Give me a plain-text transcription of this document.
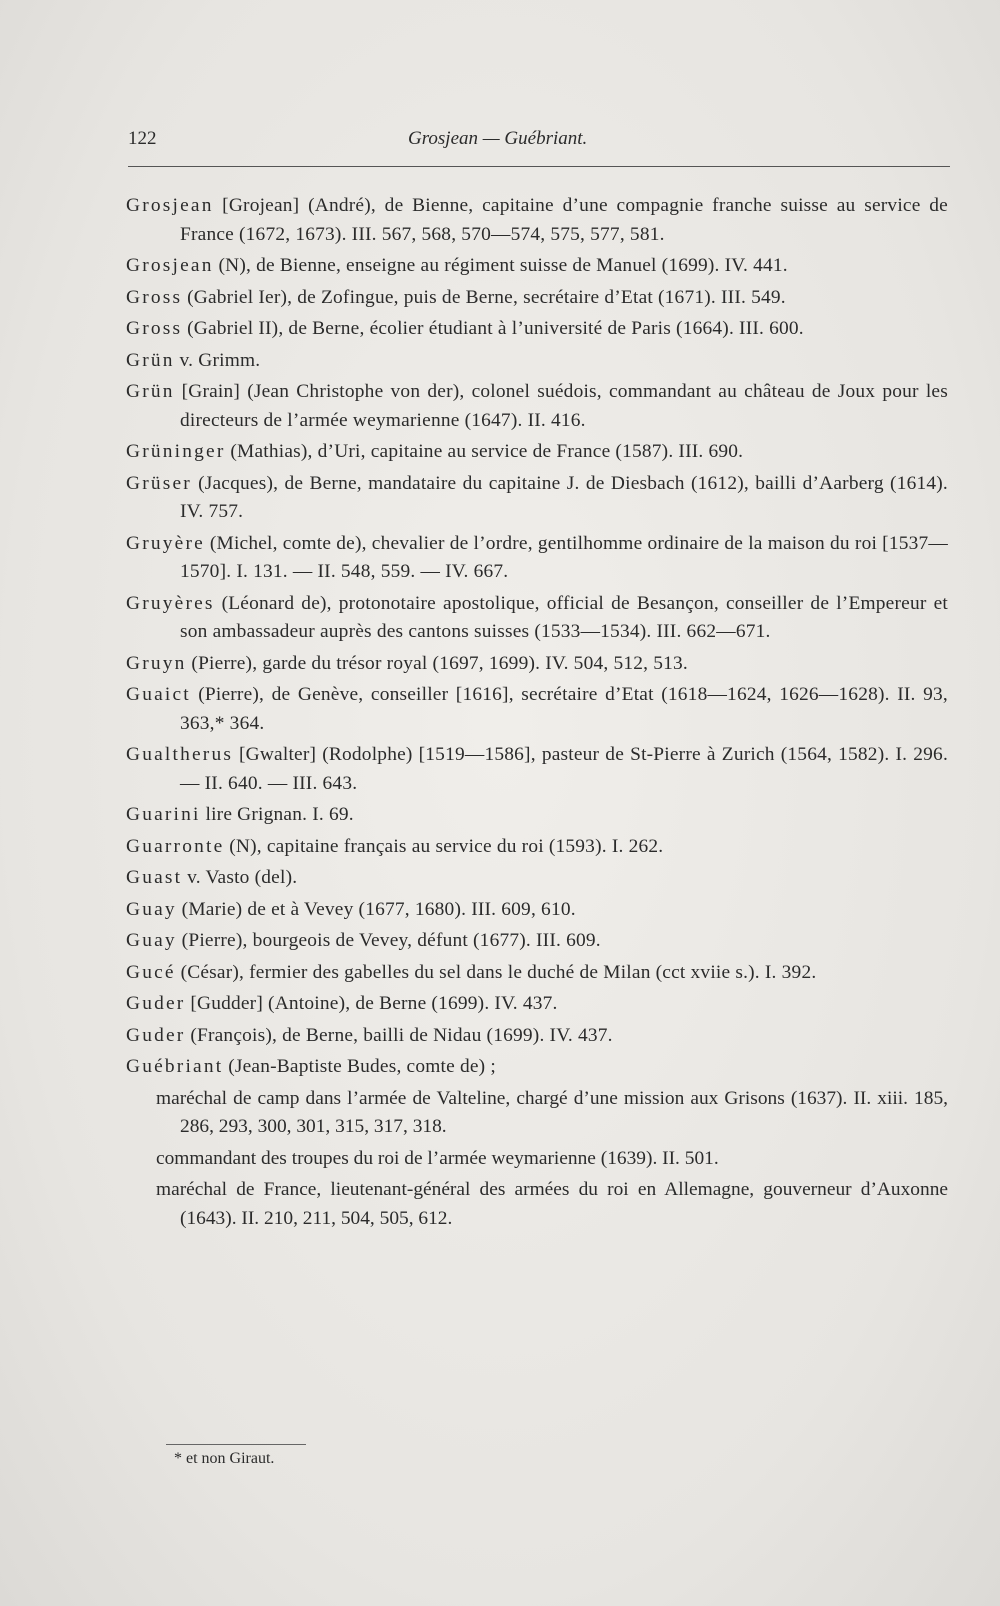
122	Grosjean — Guébriant.

Grosjean [Grojean] (André), de Bienne, capitaine d’une compagnie franche suisse au service de France (1672, 1673). III. 567, 568, 570—574, 575, 577, 581.

Grosjean (N), de Bienne, enseigne au régiment suisse de Manuel (1699). IV. 441.

Gross (Gabriel Ier), de Zofingue, puis de Berne, secrétaire d’Etat (1671). III. 549.

Gross (Gabriel II), de Berne, écolier étudiant à l’université de Paris (1664). III. 600.

Grün v. Grimm.

Grün [Grain] (Jean Christophe von der), colonel suédois, commandant au château de Joux pour les directeurs de l’armée weymarienne (1647). II. 416.

Grüninger (Mathias), d’Uri, capitaine au service de France (1587). III. 690.

Grüser (Jacques), de Berne, mandataire du capitaine J. de Diesbach (1612), bailli d’Aarberg (1614). IV. 757.

Gruyère (Michel, comte de), chevalier de l’ordre, gentilhomme ordinaire de la maison du roi [1537—1570]. I. 131. — II. 548, 559. — IV. 667.

Gruyères (Léonard de), protonotaire apostolique, official de Besançon, conseiller de l’Empereur et son ambassadeur auprès des cantons suisses (1533—1534). III. 662—671.

Gruyn (Pierre), garde du trésor royal (1697, 1699). IV. 504, 512, 513.

Guaict (Pierre), de Genève, conseiller [1616], secrétaire d’Etat (1618—1624, 1626—1628). II. 93, 363,* 364.

Gualtherus [Gwalter] (Rodolphe) [1519—1586], pasteur de St-Pierre à Zurich (1564, 1582). I. 296. — II. 640. — III. 643.

Guarini lire Grignan. I. 69.

Guarronte (N), capitaine français au service du roi (1593). I. 262.

Guast v. Vasto (del).

Guay (Marie) de et à Vevey (1677, 1680). III. 609, 610.

Guay (Pierre), bourgeois de Vevey, défunt (1677). III. 609.

Gucé (César), fermier des gabelles du sel dans le duché de Milan (cct xviie s.). I. 392.

Guder [Gudder] (Antoine), de Berne (1699). IV. 437.

Guder (François), de Berne, bailli de Nidau (1699). IV. 437.

Guébriant (Jean-Baptiste Budes, comte de) ;

maréchal de camp dans l’armée de Valteline, chargé d’une mission aux Grisons (1637). II. xiii. 185, 286, 293, 300, 301, 315, 317, 318.

commandant des troupes du roi de l’armée weymarienne (1639). II. 501.

maréchal de France, lieutenant-général des armées du roi en Allemagne, gouverneur d’Auxonne (1643). II. 210, 211, 504, 505, 612.

* et non Giraut.
